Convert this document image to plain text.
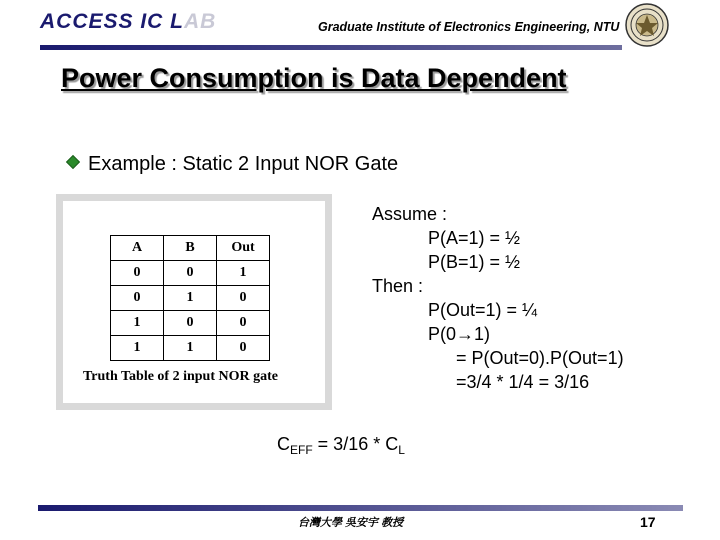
ACCESS IC LAB	Graduate Institute of Electronics Engineering, NTU
Power Consumption is Data Dependent
Example : Static 2 Input NOR Gate
A	B	Out
0	0	1
0	1	0
1	0	0
1	1	0
Truth Table of 2 input NOR gate
Assume :
P(A=1) = ½
P(B=1) = ½
Then :
P(Out=1) = ¼
P(0→1)
= P(Out=0).P(Out=1)
=3/4 * 1/4 = 3/16
$C_{EFF} = 3/16 * C_L$
台灣大學 吳安宇 教授	17
